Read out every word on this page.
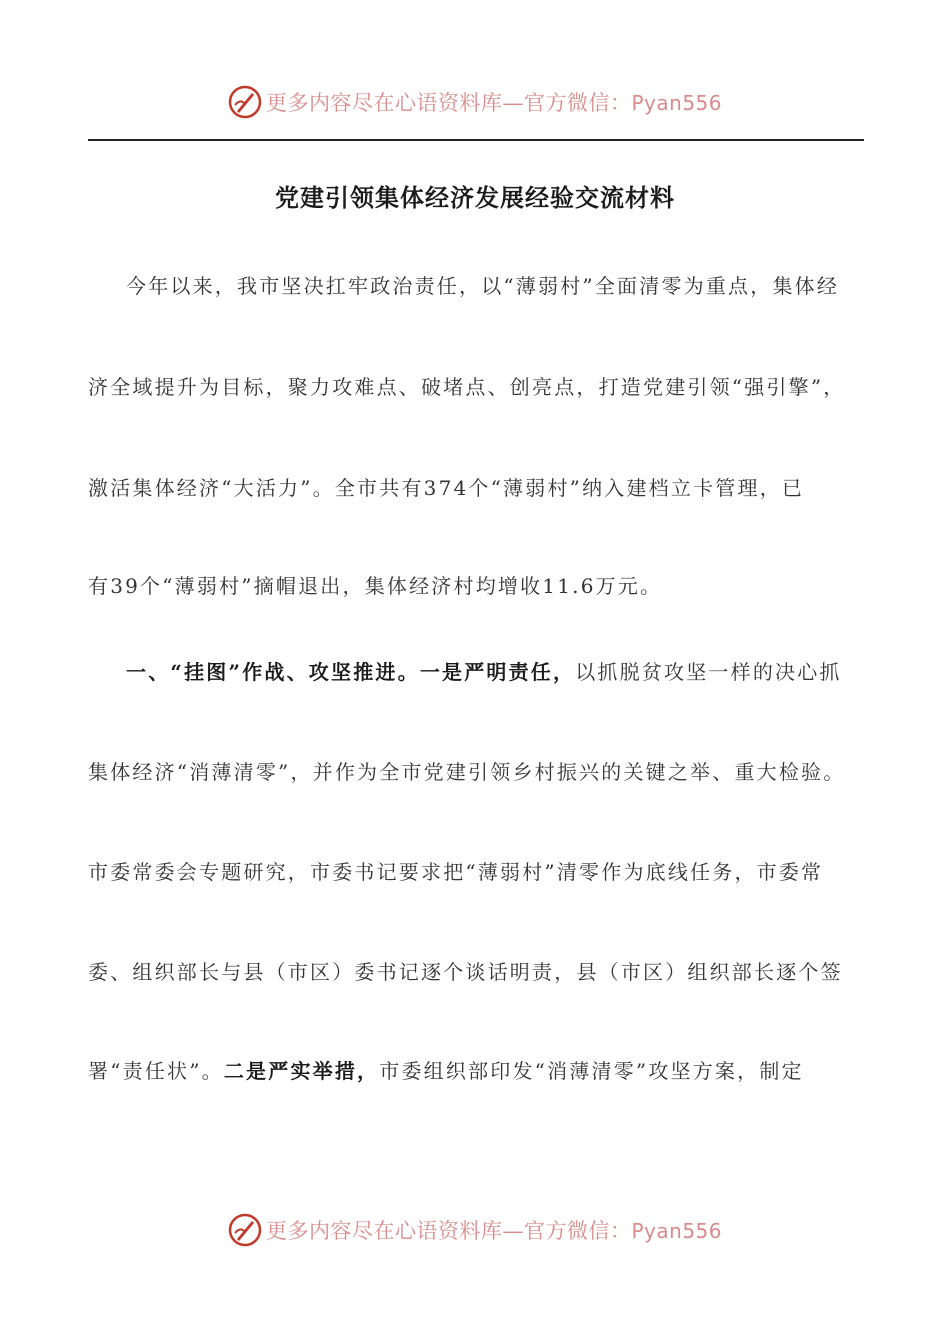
更多内容尽在心语资料库—官方微信：Pyan556
党建引领集体经济发展经验交流材料
今年以来，我市坚决扛牢政治责任，以“薄弱村”全面清零为重点，集体经
济全域提升为目标，聚力攻难点、破堵点、创亮点，打造党建引领“强引擎”，
激活集体经济“大活力”。全市共有374个“薄弱村”纳入建档立卡管理，已
有39个“薄弱村”摘帽退出，集体经济村均增收11.6万元。
一、“挂图”作战、攻坚推进。一是严明责任，以抓脱贫攻坚一样的决心抓
集体经济“消薄清零”，并作为全市党建引领乡村振兴的关键之举、重大检验。
市委常委会专题研究，市委书记要求把“薄弱村”清零作为底线任务，市委常
委、组织部长与县（市区）委书记逐个谈话明责，县（市区）组织部长逐个签
署“责任状”。二是严实举措，市委组织部印发“消薄清零”攻坚方案，制定
更多内容尽在心语资料库—官方微信：Pyan556
